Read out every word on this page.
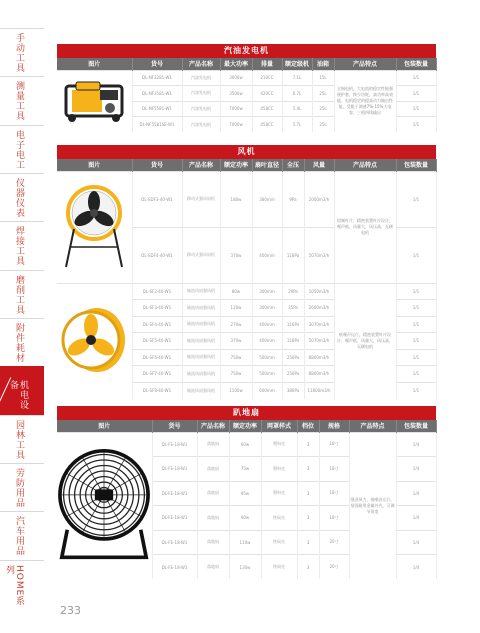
手动工具
测量工具
电子电工
仪器仪表
焊接工具
磨削工具
附件耗材
机电设备
园林工具
劳防用品
汽车用品
HOME系列
汽油发电机
图片	货号	产品名称	最大功率	排量	额定级机	油箱	产品特点	包装数量
	DL-NF3281-W1	汽油发电机	3000w	210CC	7.1L	15L	全铜电机，大电流的稳定性能强便护套，换少功耗，高功率高效能，电机稳定的提高动力输出性能，受限于调速7%-15%大电容，三相四线输出	1/1
	DL-NF3581-W1	汽油发电机	3500w	420CC	6.7L	25L		1/1
	DL-NF5581-W1	汽油发电机	7000w	458CC	5.4L	25L		1/1
	DL-NF5581SE-W1	汽油发电机	7000w	458CC	5.7L	25L		1/1
风机
图片	货号	产品名称	额定功率	扇叶直径	全压	风量	产品特点	包装数量
	DL-SDF3-40-W1	移动式强风扇机	180w	380mm	9Pa	2000m3/h	铝制叶片，精密装置叶片设计，噪声低，风量大，风压高，无刷电机	1/1
	DL-SDF4-40-W1	移动式强风扇机	370w	400mm	118Pa	5070m3/h		1/1
	DL-SF2-40-W1	轴流风扇强风机	80w	300mm	29Pa	1050m3/h	低噪声运行，精密装置叶片设计，噪声低，风量大，风压高，无刷电机	1/1
	DL-SF3-40-W1	轴流风扇强风机	120w	300mm	35Pa	2600m3/h		1/1
	DL-SF4-40-W1	轴流风扇强风机	270w	400mm	116Pa	3070m3/h		1/1
	DL-SF5-40-W1	轴流风扇强风机	370w	400mm	118Pa	5070m3/h		1/1
	DL-SF6-40-W1	轴流风扇强风机	750w	500mm	250Pa	8800m3/h		1/1
	DL-SF7-40-W1	轴流风扇强风机	750w	500mm	250Pa	8800m3/h		1/1
	DL-SF8-40-W1	轴流风扇强风机	1100w	600mm	380Pa	11800m3/h		1/1
趴地扇
图片	货号	产品名称	额定功率	网罩样式	档位	规格	产品特点	包装数量
	DL-FE-18-W1	落地扇	60w	塑料壳	3	18寸	强劲风力，低噪音运行，坚固耐用金属外壳，可调节角度	1/4
	DL-FE-18-W1	落地扇	75w	塑料壳	3	18寸		1/4
	DL-FE-18-W1	落地扇	95w	塑料壳	3	18寸		1/4
	DL-FE-18-W1	落地扇	90w	铁网壳	3	18寸		1/4
	DL-FE-18-W1	落地扇	110w	铁网壳	3	20寸		1/4
	DL-FE-18-W1	落地扇	130w	铁网壳	3	20寸		1/4
233
